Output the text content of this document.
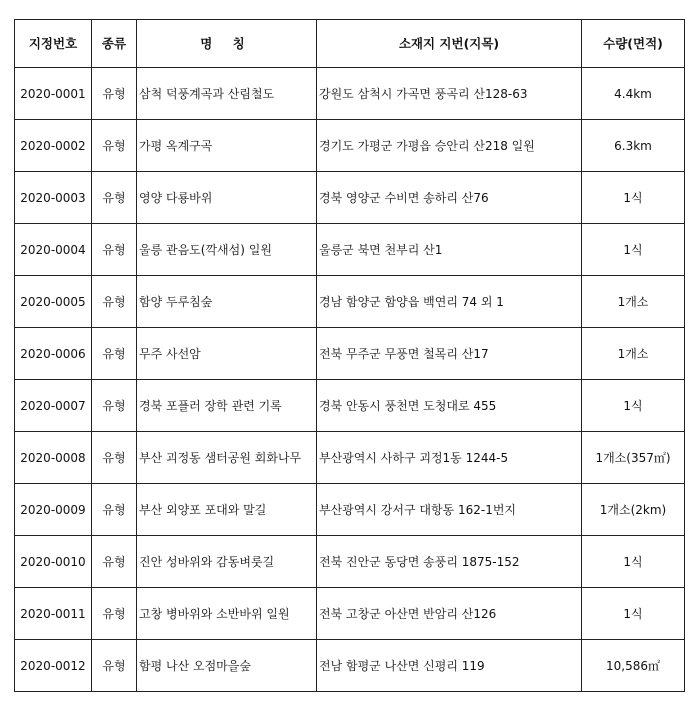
지정번호	종류	명 칭	소재지 지번(지목)	수량(면적)
2020-0001	유형	삼척 덕풍계곡과 산림철도	강원도 삼척시 가곡면 풍곡리 산128-63	4.4km
2020-0002	유형	가평 옥계구곡	경기도 가평군 가평읍 승안리 산218 일원	6.3km
2020-0003	유형	영양 다룡바위	경북 영양군 수비면 송하리 산76	1식
2020-0004	유형	울릉 관음도(깍새섬) 일원	울릉군 북면 천부리 산1	1식
2020-0005	유형	함양 두루침숲	경남 함양군 함양읍 백연리 74 외 1	1개소
2020-0006	유형	무주 사선암	전북 무주군 무풍면 철목리 산17	1개소
2020-0007	유형	경북 포플러 장학 관련 기록	경북 안동시 풍천면 도청대로 455	1식
2020-0008	유형	부산 괴정동 샘터공원 회화나무	부산광역시 사하구 괴정1동 1244-5	1개소(357㎡)
2020-0009	유형	부산 외양포 포대와 말길	부산광역시 강서구 대항동 162-1번지	1개소(2km)
2020-0010	유형	진안 성바위와 감동벼룻길	전북 진안군 동당면 송풍리 1875-152	1식
2020-0011	유형	고창 병바위와 소반바위 일원	전북 고창군 아산면 반암리 산126	1식
2020-0012	유형	함평 나산 오점마을숲	전남 함평군 나산면 신평리 119	10,586㎡
